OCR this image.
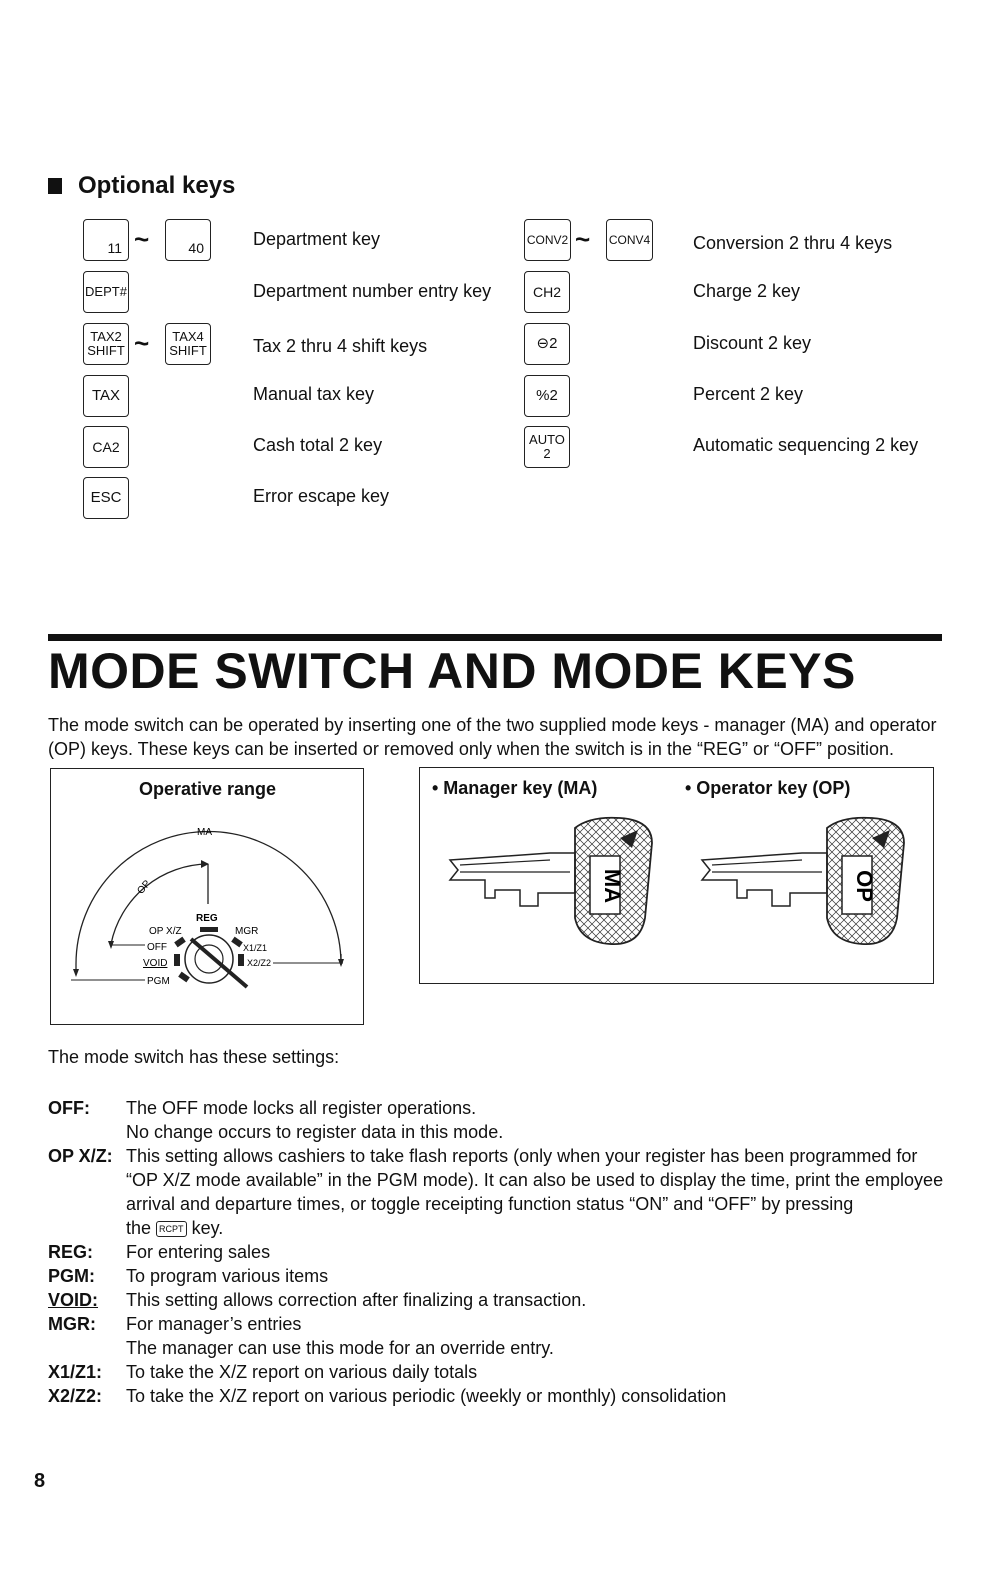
Optional keys
11 ~	40	Department key
DEPT#	Department number entry key
TAX2 SHIFT ~ TAX4 SHIFT	Tax 2 thru 4 shift keys
TAX	Manual tax key
CA2	Cash total 2 key
ESC	Error escape key
CONV2 ~ CONV4 Conversion 2 thru 4 keys
CH2	Charge 2 key
⊖2	Discount 2 key
%2	Percent 2 key
AUTO 2	Automatic sequencing 2 key
MODE SWITCH AND MODE KEYS
The mode switch can be operated by inserting one of the two supplied mode keys - manager (MA) and operator (OP) keys. These keys can be inserted or removed only when the switch is in the “REG” or “OFF” position.
Operative range
MA
OP
REG
OP X/Z	MGR
OFF	X1/Z1
VOID	X2/Z2
PGM
• Manager key (MA)	• Operator key (OP)
MA	OP
The mode switch has these settings:
OFF:	The OFF mode locks all register operations.
No change occurs to register data in this mode.
OP X/Z: This setting allows cashiers to take flash reports (only when your register has been programmed for “OP X/Z mode available” in the PGM mode). It can also be used to display the time, print the employee arrival and departure times, or toggle receipting function status “ON” and “OFF” by pressing
the RCPT key.
REG:	For entering sales
PGM:	To program various items
VOID:	This setting allows correction after finalizing a transaction.
MGR:	For manager’s entries
The manager can use this mode for an override entry.
X1/Z1:	To take the X/Z report on various daily totals
X2/Z2:	To take the X/Z report on various periodic (weekly or monthly) consolidation
8
